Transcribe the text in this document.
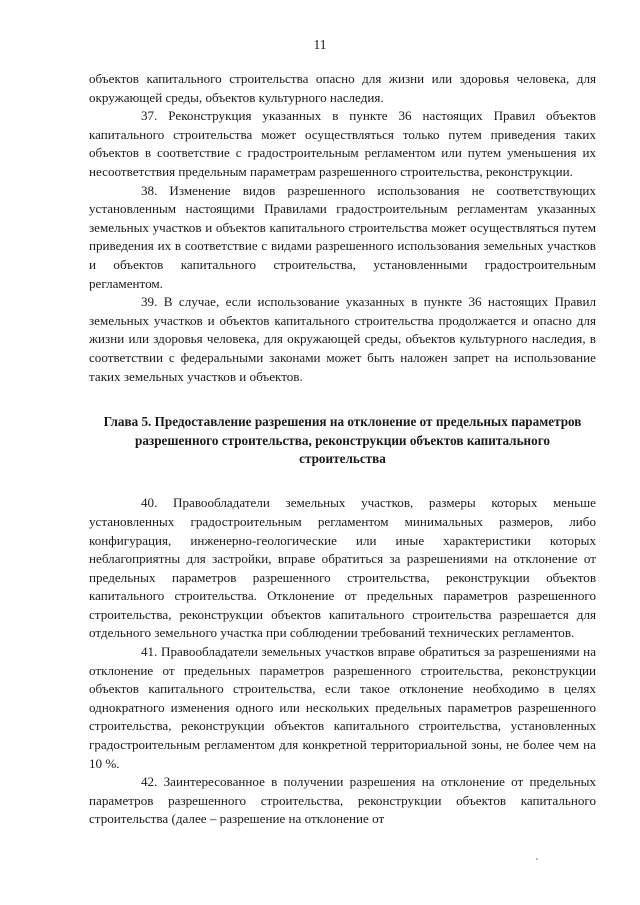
11

объектов капитального строительства опасно для жизни или здоровья человека, для окружающей среды, объектов культурного наследия.

37. Реконструкция указанных в пункте 36 настоящих Правил объектов капитального строительства может осуществляться только путем приведения таких объектов в соответствие с градостроительным регламентом или путем уменьшения их несоответствия предельным параметрам разрешенного строительства, реконструкции.

38. Изменение видов разрешенного использования не соответствующих установленным настоящими Правилами градостроительным регламентам указанных земельных участков и объектов капитального строительства может осуществляться путем приведения их в соответствие с видами разрешенного использования земельных участков и объектов капитального строительства, установленными градостроительным регламентом.

39. В случае, если использование указанных в пункте 36 настоящих Правил земельных участков и объектов капитального строительства продолжается и опасно для жизни или здоровья человека, для окружающей среды, объектов культурного наследия, в соответствии с федеральными законами может быть наложен запрет на использование таких земельных участков и объектов.

Глава 5. Предоставление разрешения на отклонение от предельных параметров разрешенного строительства, реконструкции объектов капитального строительства

40. Правообладатели земельных участков, размеры которых меньше установленных градостроительным регламентом минимальных размеров, либо конфигурация, инженерно-геологические или иные характеристики которых неблагоприятны для застройки, вправе обратиться за разрешениями на отклонение от предельных параметров разрешенного строительства, реконструкции объектов капитального строительства. Отклонение от предельных параметров разрешенного строительства, реконструкции объектов капитального строительства разрешается для отдельного земельного участка при соблюдении требований технических регламентов.

41. Правообладатели земельных участков вправе обратиться за разрешениями на отклонение от предельных параметров разрешенного строительства, реконструкции объектов капитального строительства, если такое отклонение необходимо в целях однократного изменения одного или нескольких предельных параметров разрешенного строительства, реконструкции объектов капитального строительства, установленных градостроительным регламентом для конкретной территориальной зоны, не более чем на 10 %.

42. Заинтересованное в получении разрешения на отклонение от предельных параметров разрешенного строительства, реконструкции объектов капитального строительства (далее – разрешение на отклонение от
